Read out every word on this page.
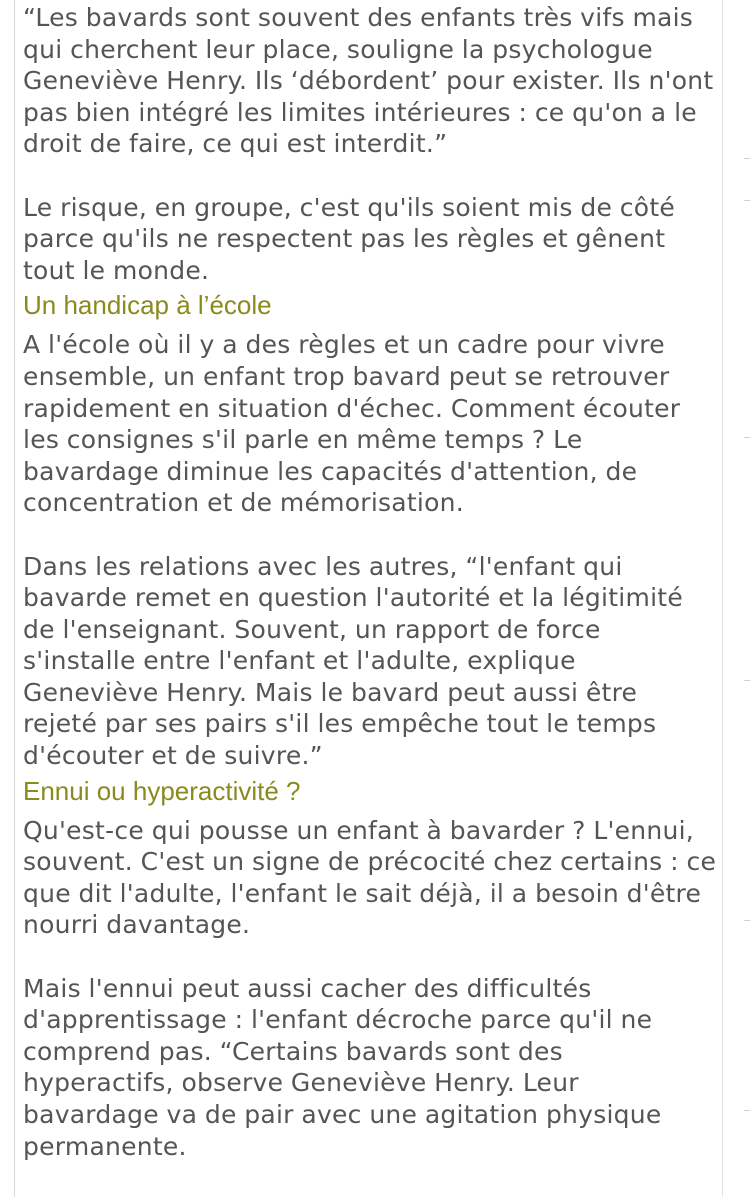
“Les bavards sont souvent des enfants très vifs mais qui cherchent leur place, souligne la psychologue Geneviève Henry. Ils ‘débordent’ pour exister. Ils n'ont pas bien intégré les limites intérieures : ce qu'on a le droit de faire, ce qui est interdit.”

Le risque, en groupe, c'est qu'ils soient mis de côté parce qu'ils ne respectent pas les règles et gênent tout le monde.

Un handicap à l’école

A l'école où il y a des règles et un cadre pour vivre ensemble, un enfant trop bavard peut se retrouver rapidement en situation d'échec. Comment écouter les consignes s'il parle en même temps ? Le bavardage diminue les capacités d'attention, de concentration et de mémorisation.

Dans les relations avec les autres, “l'enfant qui bavarde remet en question l'autorité et la légitimité de l'enseignant. Souvent, un rapport de force s'installe entre l'enfant et l'adulte, explique Geneviève Henry. Mais le bavard peut aussi être rejeté par ses pairs s'il les empêche tout le temps d'écouter et de suivre.”

Ennui ou hyperactivité ?

Qu'est-ce qui pousse un enfant à bavarder ? L'ennui, souvent. C'est un signe de précocité chez certains : ce que dit l'adulte, l'enfant le sait déjà, il a besoin d'être nourri davantage.

Mais l'ennui peut aussi cacher des difficultés d'apprentissage : l'enfant décroche parce qu'il ne comprend pas. “Certains bavards sont des hyperactifs, observe Geneviève Henry. Leur bavardage va de pair avec une agitation physique permanente.
